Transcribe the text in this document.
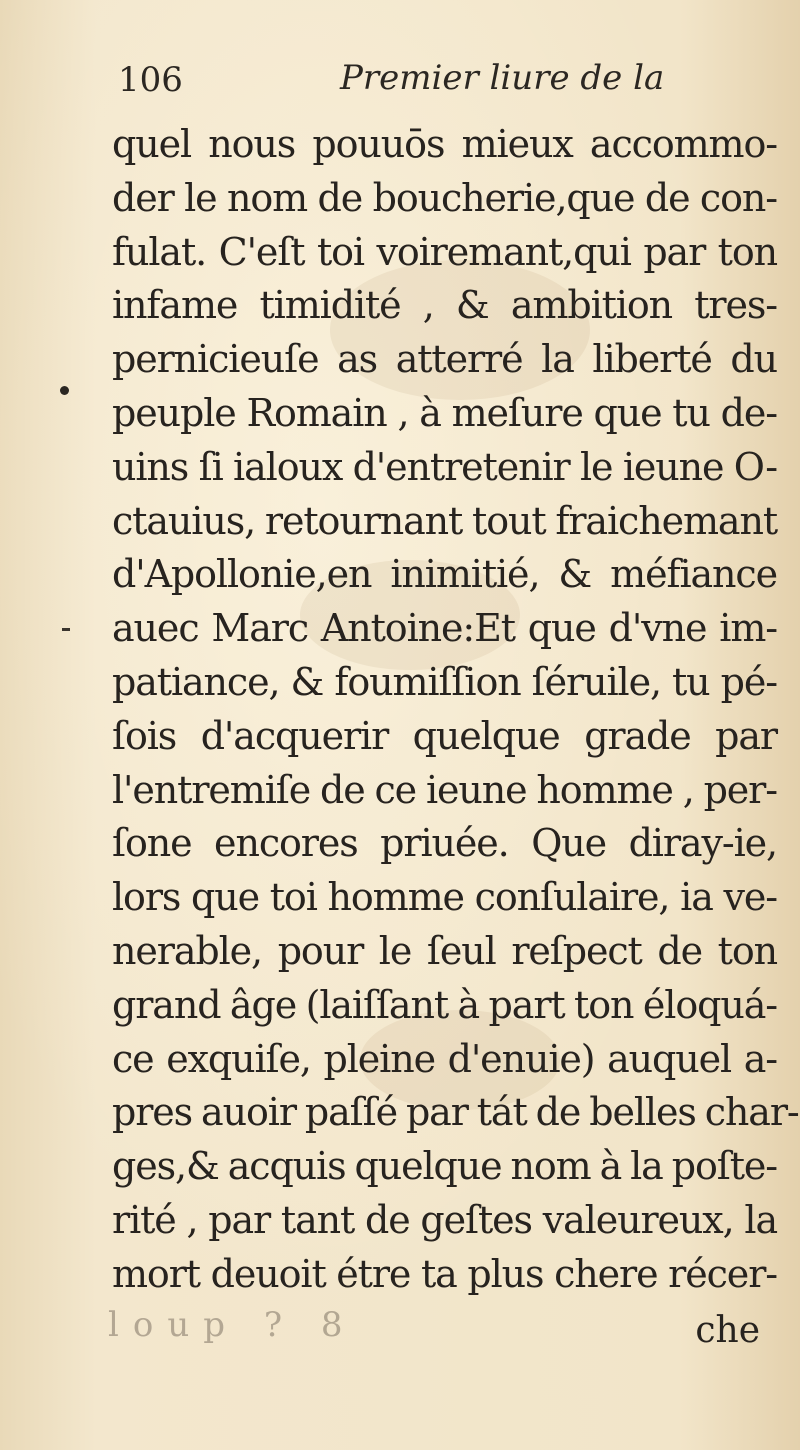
106	Premier liure de la
quel nous pouuōs mieux accommo-
der le nom de boucherie,que de con-
fulat. C'eſt toi voiremant,qui par ton
infame timidité , & ambition tres-
pernicieuſe as atterré la liberté du
peuple Romain , à meſure que tu de-
uins ſi ialoux d'entretenir le ieune O-
ctauius, retournant tout fraichemant
d'Apollonie,en inimitié, & méfiance
auec Marc Antoine:Et que d'vne im-
patiance, & foumiſſion ſéruile, tu pé-
ſois d'acquerir quelque grade par
l'entremiſe de ce ieune homme , per-
ſone encores priuée. Que diray-ie,
lors que toi homme conſulaire, ia ve-
nerable, pour le ſeul reſpect de ton
grand âge (laiſſant à part ton éloquá-
ce exquiſe, pleine d'enuie) auquel a-
pres auoir paſſé par tát de belles char-
ges,& acquis quelque nom à la poſte-
rité , par tant de geſtes valeureux, la
mort deuoit étre ta plus chere récer-
loup ? 8	che
